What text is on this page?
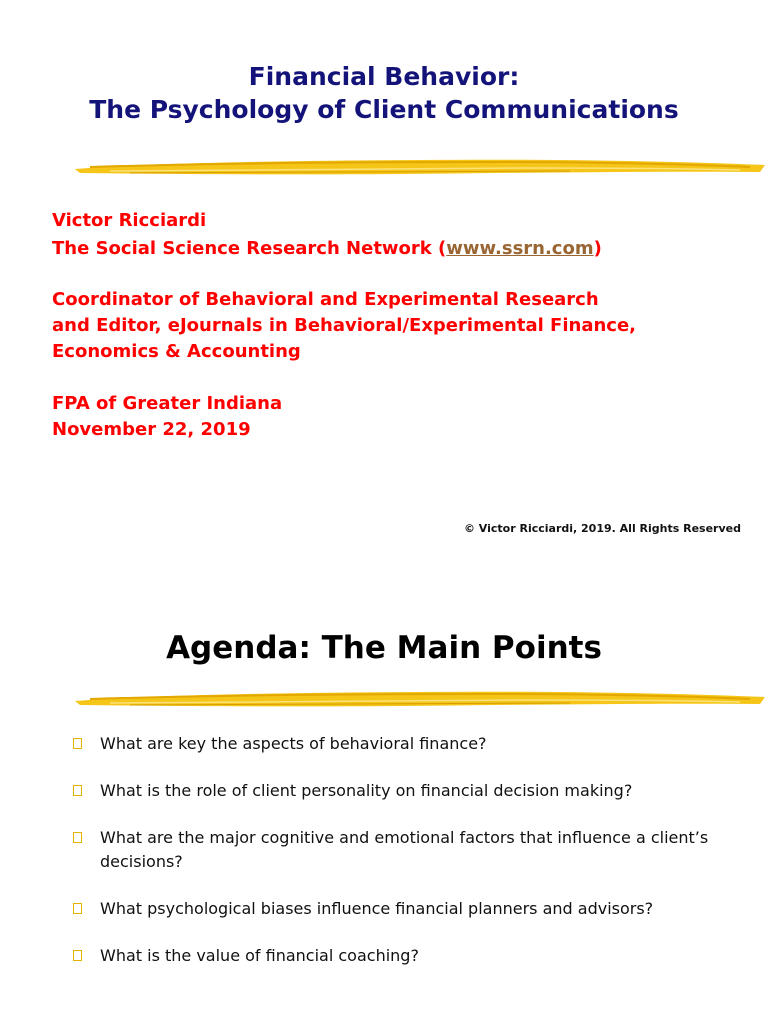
Financial Behavior:
The Psychology of Client Communications
Victor Ricciardi
The Social Science Research Network (www.ssrn.com)
Coordinator of Behavioral and Experimental Research
and Editor, eJournals in Behavioral/Experimental Finance,
Economics & Accounting
FPA of Greater Indiana
November 22, 2019
© Victor Ricciardi, 2019. All Rights Reserved
Agenda: The Main Points
What are key the aspects of behavioral finance?
What is the role of client personality on financial decision making?
What are the major cognitive and emotional factors that influence a client’s decisions?
What psychological biases influence financial planners and advisors?
What is the value of financial coaching?
